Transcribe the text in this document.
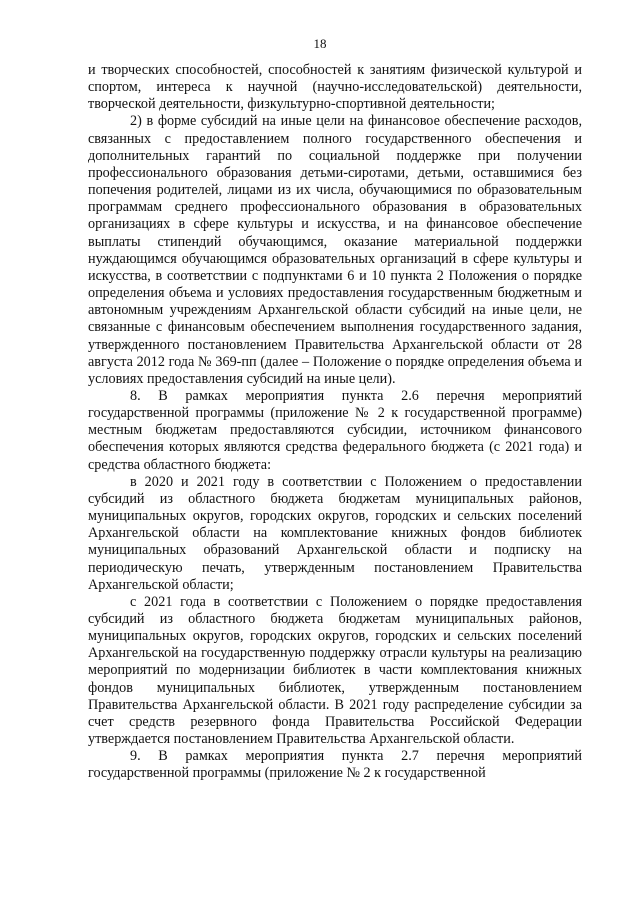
18

и творческих способностей, способностей к занятиям физической культурой и спортом, интереса к научной (научно-исследовательской) деятельности, творческой деятельности, физкультурно-спортивной деятельности;

2) в форме субсидий на иные цели на финансовое обеспечение расходов, связанных с предоставлением полного государственного обеспечения и дополнительных гарантий по социальной поддержке при получении профессионального образования детьми-сиротами, детьми, оставшимися без попечения родителей, лицами из их числа, обучающимися по образовательным программам среднего профессионального образования в образовательных организациях в сфере культуры и искусства, и на финансовое обеспечение выплаты стипендий обучающимся, оказание материальной поддержки нуждающимся обучающимся образовательных организаций в сфере культуры и искусства, в соответствии с подпунктами 6 и 10 пункта 2 Положения о порядке определения объема и условиях предоставления государственным бюджетным и автономным учреждениям Архангельской области субсидий на иные цели, не связанные с финансовым обеспечением выполнения государственного задания, утвержденного постановлением Правительства Архангельской области от 28 августа 2012 года № 369-пп (далее – Положение о порядке определения объема и условиях предоставления субсидий на иные цели).

8. В рамках мероприятия пункта 2.6 перечня мероприятий государственной программы (приложение № 2 к государственной программе) местным бюджетам предоставляются субсидии, источником финансового обеспечения которых являются средства федерального бюджета (с 2021 года) и средства областного бюджета:

в 2020 и 2021 году в соответствии с Положением о предоставлении субсидий из областного бюджета бюджетам муниципальных районов, муниципальных округов, городских округов, городских и сельских поселений Архангельской области на комплектование книжных фондов библиотек муниципальных образований Архангельской области и подписку на периодическую печать, утвержденным постановлением Правительства Архангельской области;

с 2021 года в соответствии с Положением о порядке предоставления субсидий из областного бюджета бюджетам муниципальных районов, муниципальных округов, городских округов, городских и сельских поселений Архангельской на государственную поддержку отрасли культуры на реализацию мероприятий по модернизации библиотек в части комплектования книжных фондов муниципальных библиотек, утвержденным постановлением Правительства Архангельской области. В 2021 году распределение субсидии за счет средств резервного фонда Правительства Российской Федерации утверждается постановлением Правительства Архангельской области.

9. В рамках мероприятия пункта 2.7 перечня мероприятий государственной программы (приложение № 2 к государственной
